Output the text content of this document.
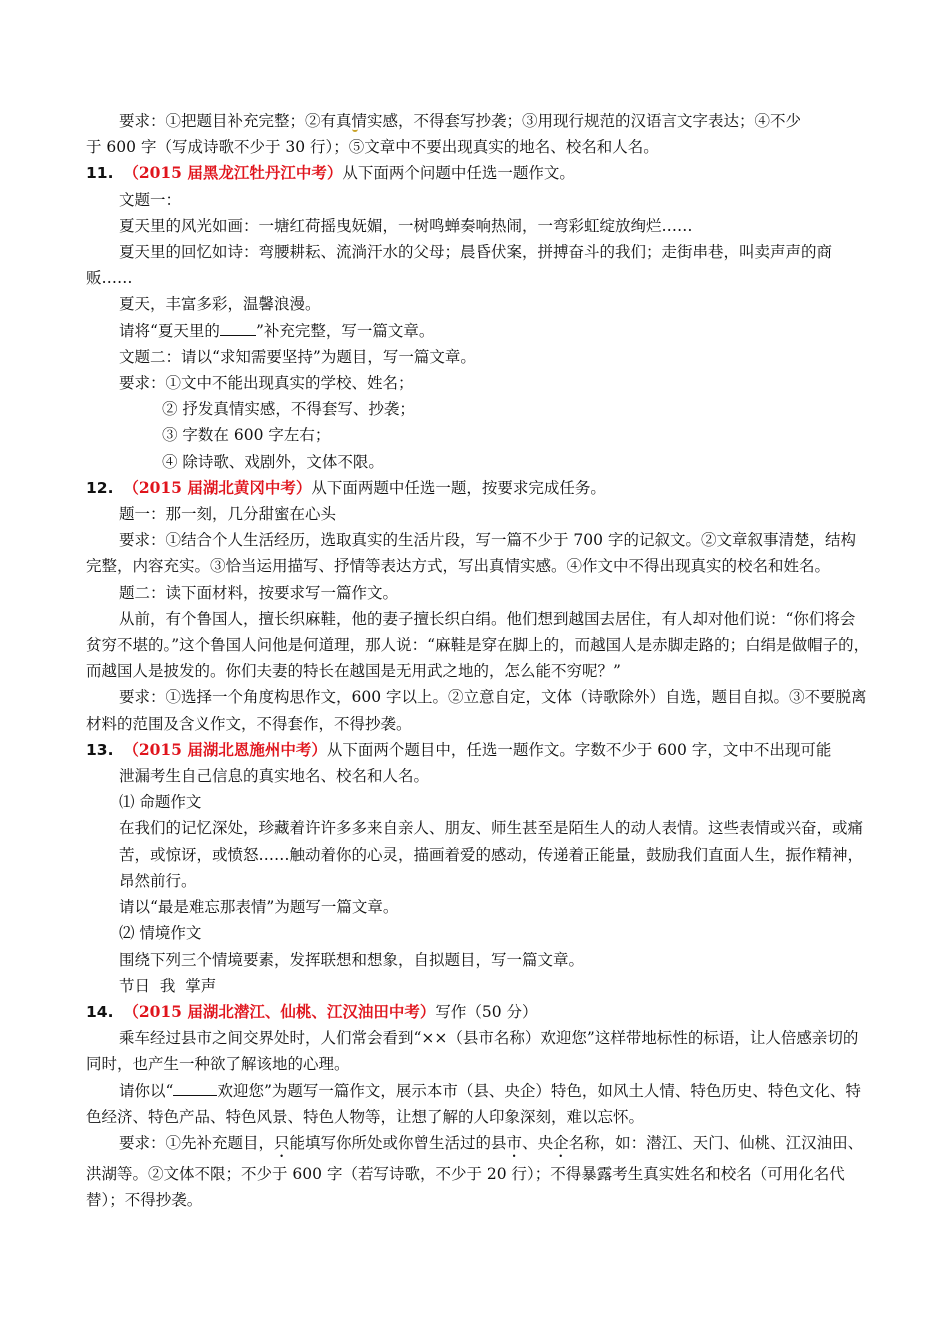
要求：①把题目补充完整；②有真情实感，不得套写抄袭；③用现行规范的汉语言文字表达；④不少

于 600 字（写成诗歌不少于 30 行）；⑤文章中不要出现真实的地名、校名和人名。

11. （2015 届黑龙江牡丹江中考）从下面两个问题中任选一题作文。

文题一：

夏天里的风光如画：一塘红荷摇曳妩媚，一树鸣蝉奏响热闹，一弯彩虹绽放绚烂……

夏天里的回忆如诗：弯腰耕耘、流淌汗水的父母；晨昏伏案，拼搏奋斗的我们；走街串巷，叫卖声声的商贩……

夏天，丰富多彩，温馨浪漫。

请将“夏天里的 ”补充完整，写一篇文章。

文题二：请以“求知需要坚持”为题目，写一篇文章。

要求：①文中不能出现真实的学校、姓名；

② 抒发真情实感，不得套写、抄袭；

③ 字数在 600 字左右；

④ 除诗歌、戏剧外，文体不限。

12. （2015 届湖北黄冈中考）从下面两题中任选一题，按要求完成任务。

题一：那一刻，几分甜蜜在心头

要求：①结合个人生活经历，选取真实的生活片段，写一篇不少于 700 字的记叙文。②文章叙事清楚，结构完整，内容充实。③恰当运用描写、抒情等表达方式，写出真情实感。④作文中不得出现真实的校名和姓名。

题二：读下面材料，按要求写一篇作文。

从前，有个鲁国人，擅长织麻鞋，他的妻子擅长织白绢。他们想到越国去居住，有人却对他们说：“你们将会贫穷不堪的。”这个鲁国人问他是何道理，那人说：“麻鞋是穿在脚上的，而越国人是赤脚走路的；白绢是做帽子的，而越国人是披发的。你们夫妻的特长在越国是无用武之地的，怎么能不穷呢？”

要求：①选择一个角度构思作文，600 字以上。②立意自定，文体（诗歌除外）自选，题目自拟。③不要脱离材料的范围及含义作文，不得套作，不得抄袭。

13. （2015 届湖北恩施州中考）从下面两个题目中，任选一题作文。字数不少于 600 字，文中不出现可能

泄漏考生自己信息的真实地名、校名和人名。

⑴ 命题作文

在我们的记忆深处，珍藏着许许多多来自亲人、朋友、师生甚至是陌生人的动人表情。这些表情或兴奋，或痛苦，或惊讶，或愤怒……触动着你的心灵，描画着爱的感动，传递着正能量，鼓励我们直面人生，振作精神，昂然前行。

请以“最是难忘那表情”为题写一篇文章。

⑵ 情境作文

围绕下列三个情境要素，发挥联想和想象，自拟题目，写一篇文章。

节日  我  掌声

14. （2015 届湖北潜江、仙桃、江汉油田中考）写作（50 分）

乘车经过县市之间交界处时，人们常会看到“××（县市名称）欢迎您”这样带地标性的标语，让人倍感亲切的同时，也产生一种欲了解该地的心理。

请你以“	欢迎您”为题写一篇作文，展示本市（县、央企）特色，如风土人情、特色历史、特色文化、特色经济、特色产品、特色风景、特色人物等，让想了解的人印象深刻，难以忘怀。

要求：①先补充题目，只能填写你所处或你曾生活过的县市、央企名称，如：潜江、天门、仙桃、江汉油田、洪湖等。②文体不限；不少于 600 字（若写诗歌，不少于 20 行）；不得暴露考生真实姓名和校名（可用化名代替）；不得抄袭。
